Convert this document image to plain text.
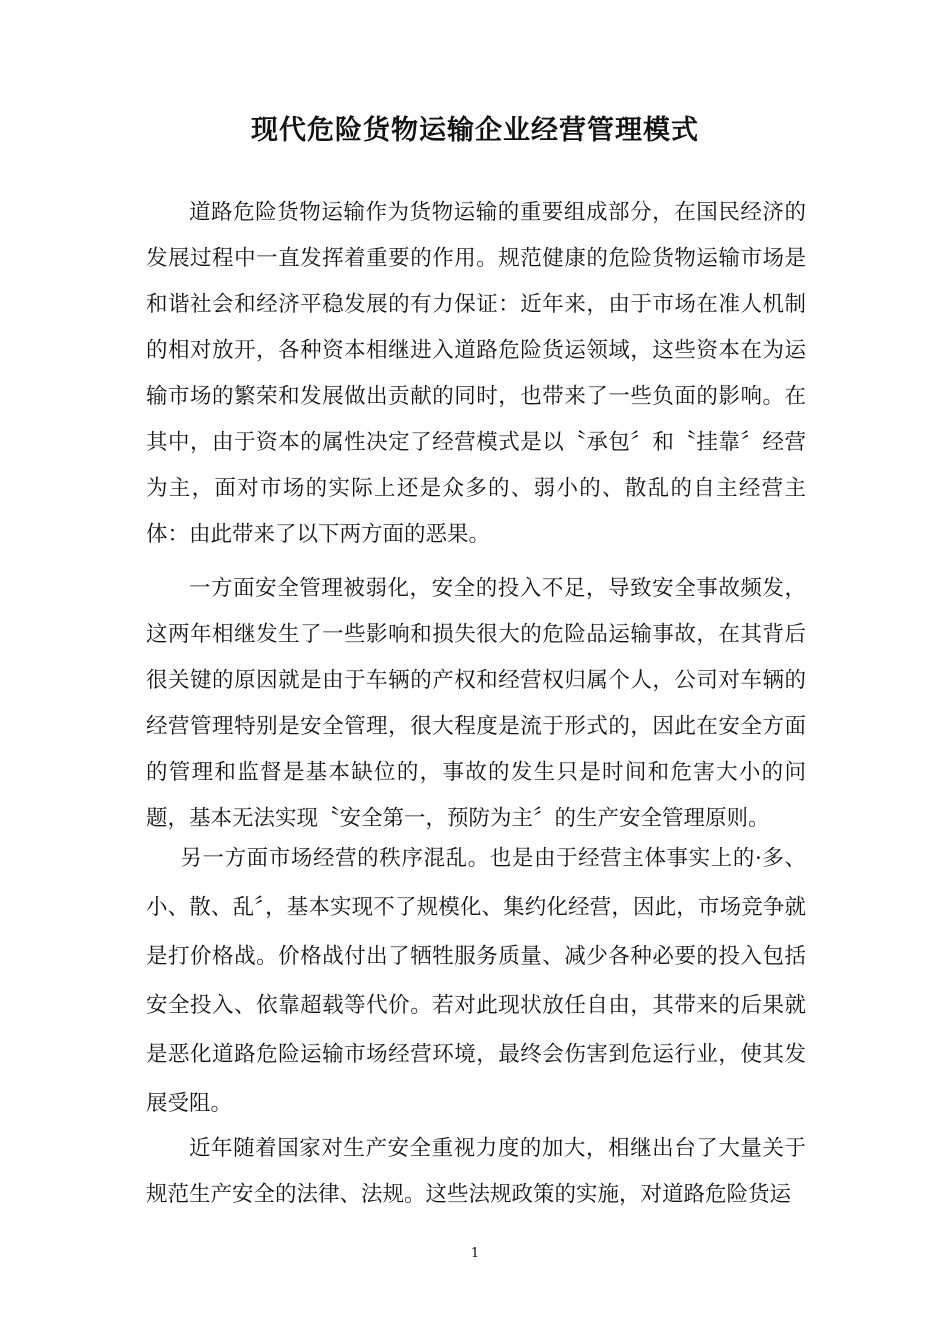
现代危险货物运输企业经营管理模式

道路危险货物运输作为货物运输的重要组成部分，在国民经济的发展过程中一直发挥着重要的作用。规范健康的危险货物运输市场是和谐社会和经济平稳发展的有力保证：近年来，由于市场在准人机制的相对放开，各种资本相继进入道路危险货运领域，这些资本在为运输市场的繁荣和发展做出贡献的同时，也带来了一些负面的影响。在其中，由于资本的属性决定了经营模式是以〝承包〞和〝挂靠〞经营为主，面对市场的实际上还是众多的、弱小的、散乱的自主经营主体：由此带来了以下两方面的恶果。

一方面安全管理被弱化，安全的投入不足，导致安全事故频发，这两年相继发生了一些影响和损失很大的危险品运输事故，在其背后很关键的原因就是由于车辆的产权和经营权归属个人，公司对车辆的经营管理特别是安全管理，很大程度是流于形式的，因此在安全方面的管理和监督是基本缺位的，事故的发生只是时间和危害大小的问题，基本无法实现〝安全第一，预防为主〞的生产安全管理原则。

另一方面市场经营的秩序混乱。也是由于经营主体事实上的·多、小、散、乱〞，基本实现不了规模化、集约化经营，因此，市场竞争就是打价格战。价格战付出了牺牲服务质量、减少各种必要的投入包括安全投入、依靠超载等代价。若对此现状放任自由，其带来的后果就是恶化道路危险运输市场经营环境，最终会伤害到危运行业，使其发展受阻。

近年随着国家对生产安全重视力度的加大，相继出台了大量关于规范生产安全的法律、法规。这些法规政策的实施，对道路危险货运

1
